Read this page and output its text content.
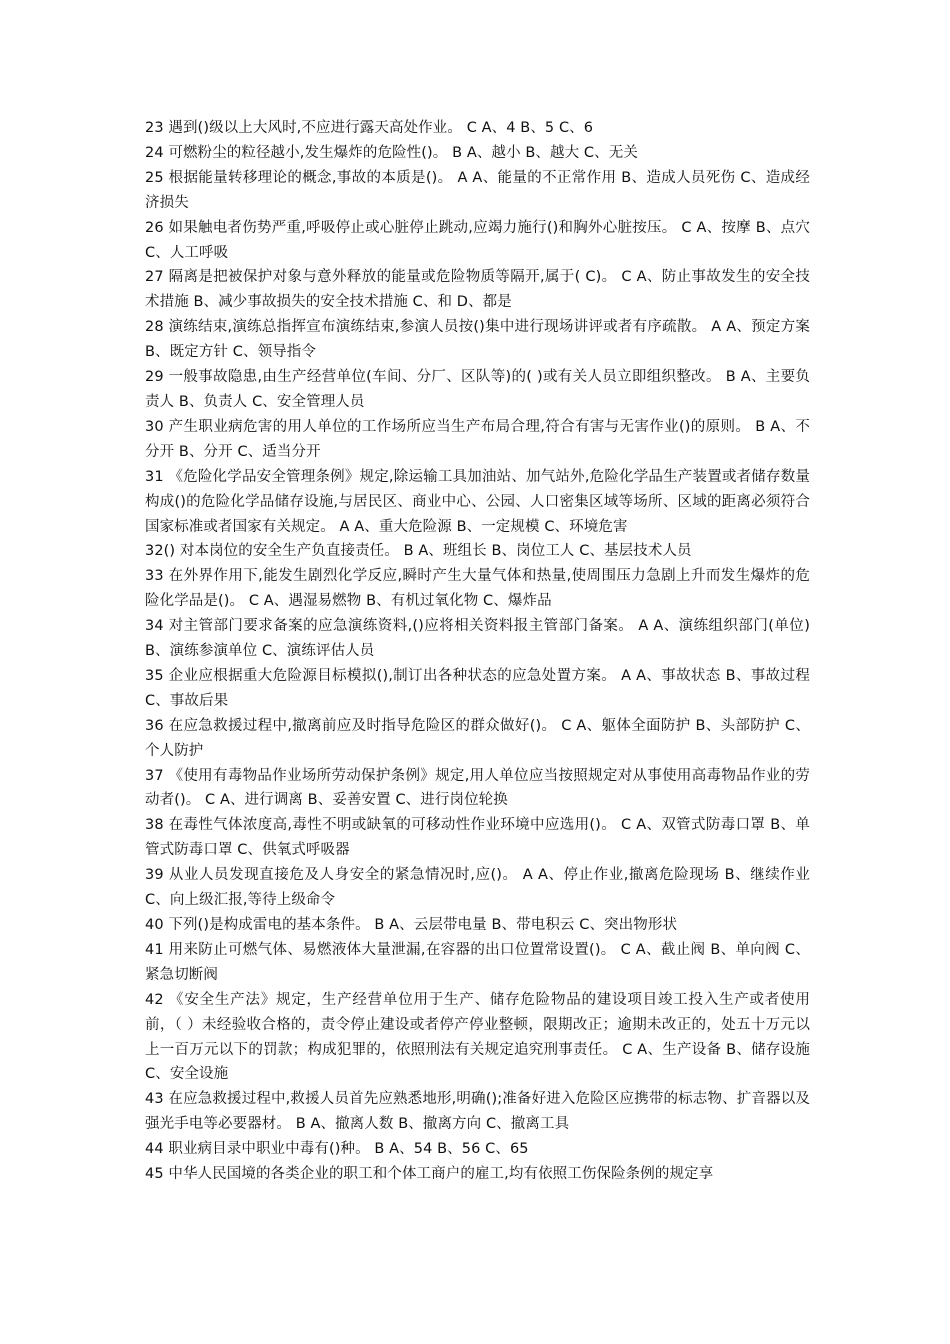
23 遇到()级以上大风时,不应进行露天高处作业。 C A、4 B、5 C、6

24 可燃粉尘的粒径越小,发生爆炸的危险性()。 B A、越小 B、越大 C、无关

25 根据能量转移理论的概念,事故的本质是()。 A A、能量的不正常作用 B、造成人员死伤 C、造成经济损失

26 如果触电者伤势严重,呼吸停止或心脏停止跳动,应竭力施行()和胸外心脏按压。 C A、按摩 B、点穴 C、人工呼吸

27 隔离是把被保护对象与意外释放的能量或危险物质等隔开,属于( C)。 C A、防止事故发生的安全技术措施 B、减少事故损失的安全技术措施 C、和 D、都是

28 演练结束,演练总指挥宣布演练结束,参演人员按()集中进行现场讲评或者有序疏散。 A A、预定方案 B、既定方针 C、领导指令

29 一般事故隐患,由生产经营单位(车间、分厂、区队等)的( )或有关人员立即组织整改。 B A、主要负责人 B、负责人 C、安全管理人员

30 产生职业病危害的用人单位的工作场所应当生产布局合理,符合有害与无害作业()的原则。 B A、不分开 B、分开 C、适当分开

31 《危险化学品安全管理条例》规定,除运输工具加油站、加气站外,危险化学品生产装置或者储存数量构成()的危险化学品储存设施,与居民区、商业中心、公园、人口密集区域等场所、区域的距离必须符合国家标准或者国家有关规定。 A A、重大危险源 B、一定规模 C、环境危害

32() 对本岗位的安全生产负直接责任。 B A、班组长 B、岗位工人 C、基层技术人员

33 在外界作用下,能发生剧烈化学反应,瞬时产生大量气体和热量,使周围压力急剧上升而发生爆炸的危险化学品是()。 C A、遇湿易燃物 B、有机过氧化物 C、爆炸品

34 对主管部门要求备案的应急演练资料,()应将相关资料报主管部门备案。 A A、演练组织部门(单位) B、演练参演单位 C、演练评估人员

35 企业应根据重大危险源目标模拟(),制订出各种状态的应急处置方案。 A A、事故状态 B、事故过程 C、事故后果

36 在应急救援过程中,撤离前应及时指导危险区的群众做好()。 C A、躯体全面防护 B、头部防护 C、个人防护

37 《使用有毒物品作业场所劳动保护条例》规定,用人单位应当按照规定对从事使用高毒物品作业的劳动者()。 C A、进行调离 B、妥善安置 C、进行岗位轮换

38 在毒性气体浓度高,毒性不明或缺氧的可移动性作业环境中应选用()。 C A、双管式防毒口罩 B、单管式防毒口罩 C、供氧式呼吸器

39 从业人员发现直接危及人身安全的紧急情况时,应()。 A A、停止作业,撤离危险现场 B、继续作业 C、向上级汇报,等待上级命令

40 下列()是构成雷电的基本条件。 B A、云层带电量 B、带电积云 C、突出物形状

41 用来防止可燃气体、易燃液体大量泄漏,在容器的出口位置常设置()。 C A、截止阀 B、单向阀 C、紧急切断阀

42 《安全生产法》规定，生产经营单位用于生产、储存危险物品的建设项目竣工投入生产或者使用前，（ ）未经验收合格的，责令停止建设或者停产停业整顿，限期改正；逾期未改正的，处五十万元以上一百万元以下的罚款；构成犯罪的，依照刑法有关规定追究刑事责任。 C A、生产设备 B、储存设施 C、安全设施

43 在应急救援过程中,救援人员首先应熟悉地形,明确();准备好进入危险区应携带的标志物、扩音器以及强光手电等必要器材。 B A、撤离人数 B、撤离方向 C、撤离工具

44 职业病目录中职业中毒有()种。 B A、54 B、56 C、65

45 中华人民国境的各类企业的职工和个体工商户的雇工,均有依照工伤保险条例的规定享
